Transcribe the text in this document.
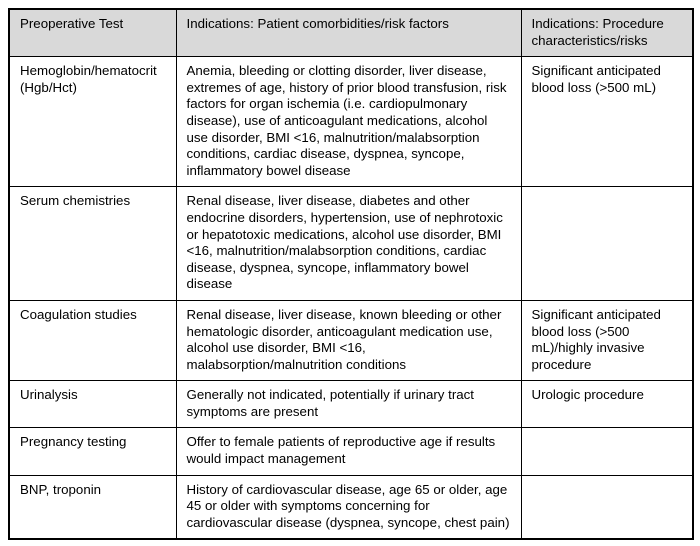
Preoperative Test	Indications: Patient comorbidities/risk factors	Indications: Procedure characteristics/risks
Hemoglobin/hematocrit (Hgb/Hct)	Anemia, bleeding or clotting disorder, liver disease, extremes of age, history of prior blood transfusion, risk factors for organ ischemia (i.e. cardiopulmonary disease), use of anticoagulant medications, alcohol use disorder, BMI <16, malnutrition/malabsorption conditions, cardiac disease, dyspnea, syncope, inflammatory bowel disease	Significant anticipated blood loss (>500 mL)
Serum chemistries	Renal disease, liver disease, diabetes and other endocrine disorders, hypertension, use of nephrotoxic or hepatotoxic medications, alcohol use disorder, BMI <16, malnutrition/malabsorption conditions, cardiac disease, dyspnea, syncope, inflammatory bowel disease	
Coagulation studies	Renal disease, liver disease, known bleeding or other hematologic disorder, anticoagulant medication use, alcohol use disorder, BMI <16, malabsorption/malnutrition conditions	Significant anticipated blood loss (>500 mL)/highly invasive procedure
Urinalysis	Generally not indicated, potentially if urinary tract symptoms are present	Urologic procedure
Pregnancy testing	Offer to female patients of reproductive age if results would impact management	
BNP, troponin	History of cardiovascular disease, age 65 or older, age 45 or older with symptoms concerning for cardiovascular disease (dyspnea, syncope, chest pain)	
